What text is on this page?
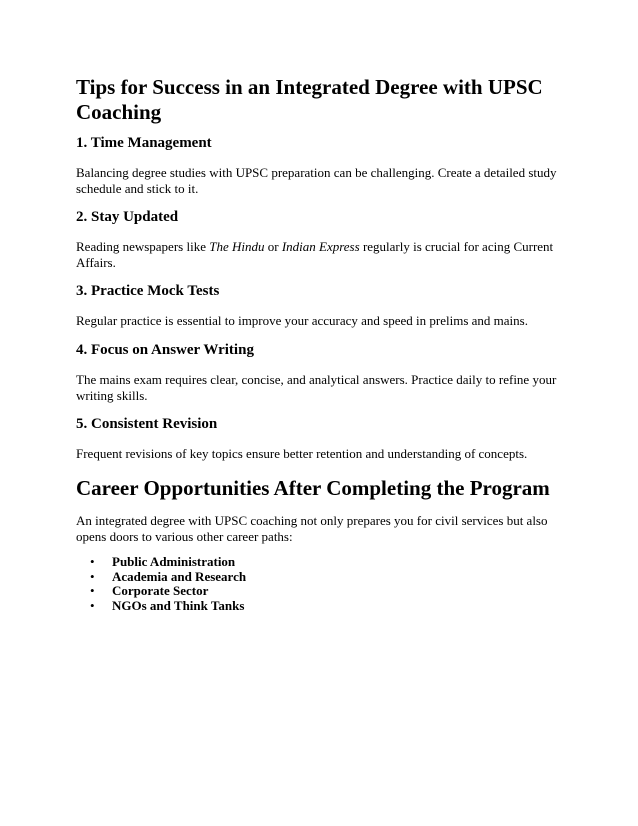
Tips for Success in an Integrated Degree with UPSC Coaching
1. Time Management

Balancing degree studies with UPSC preparation can be challenging. Create a detailed study schedule and stick to it.

2. Stay Updated

Reading newspapers like The Hindu or Indian Express regularly is crucial for acing Current Affairs.

3. Practice Mock Tests

Regular practice is essential to improve your accuracy and speed in prelims and mains.

4. Focus on Answer Writing

The mains exam requires clear, concise, and analytical answers. Practice daily to refine your writing skills.

5. Consistent Revision

Frequent revisions of key topics ensure better retention and understanding of concepts.

Career Opportunities After Completing the Program

An integrated degree with UPSC coaching not only prepares you for civil services but also opens doors to various other career paths:

• Public Administration
• Academia and Research
• Corporate Sector
• NGOs and Think Tanks
